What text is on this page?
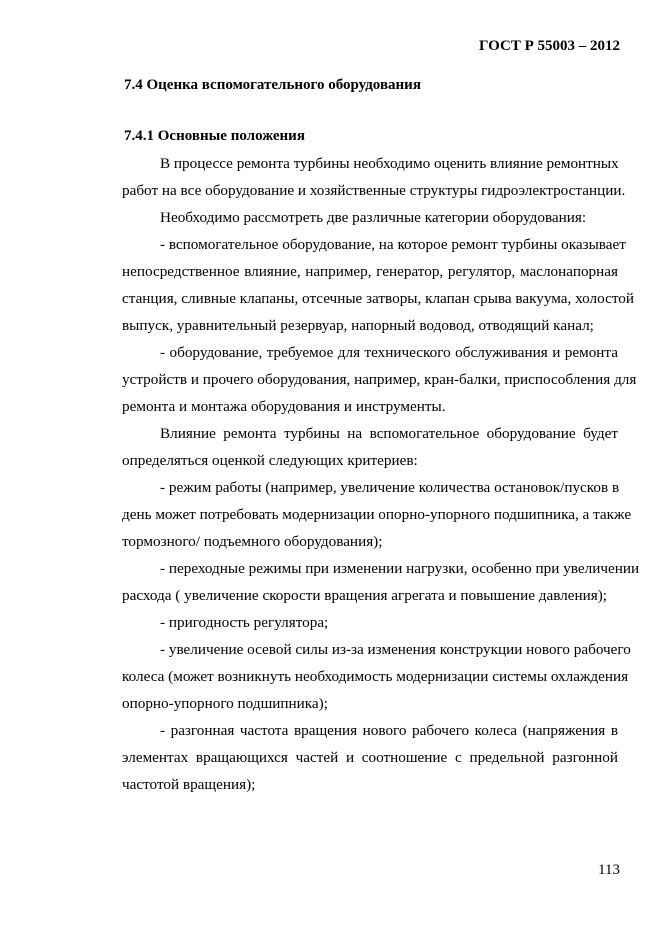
ГОСТ Р 55003 – 2012
7.4 Оценка вспомогательного оборудования
7.4.1 Основные положения
В процессе ремонта турбины необходимо оценить влияние ремонтных
работ на все оборудование и хозяйственные структуры гидроэлектростанции.
Необходимо рассмотреть две различные категории оборудования:
- вспомогательное оборудование, на которое ремонт турбины оказывает
непосредственное влияние, например, генератор, регулятор, маслонапорная
станция, сливные клапаны, отсечные затворы, клапан срыва вакуума, холостой
выпуск, уравнительный резервуар, напорный водовод, отводящий канал;
- оборудование, требуемое для технического обслуживания и ремонта
устройств и прочего оборудования, например, кран-балки, приспособления для
ремонта и монтажа оборудования и инструменты.
Влияние ремонта турбины на вспомогательное оборудование будет
определяться оценкой следующих критериев:
- режим работы (например, увеличение количества остановок/пусков в
день может потребовать модернизации опорно-упорного подшипника, а также
тормозного/ подъемного оборудования);
- переходные режимы при изменении нагрузки, особенно при увеличении
расхода ( увеличение скорости вращения агрегата и повышение давления);
- пригодность регулятора;
- увеличение осевой силы из-за изменения конструкции нового рабочего
колеса (может возникнуть необходимость модернизации системы охлаждения
опорно-упорного подшипника);
- разгонная частота вращения нового рабочего колеса (напряжения в
элементах вращающихся частей и соотношение с предельной разгонной
частотой вращения);
113
